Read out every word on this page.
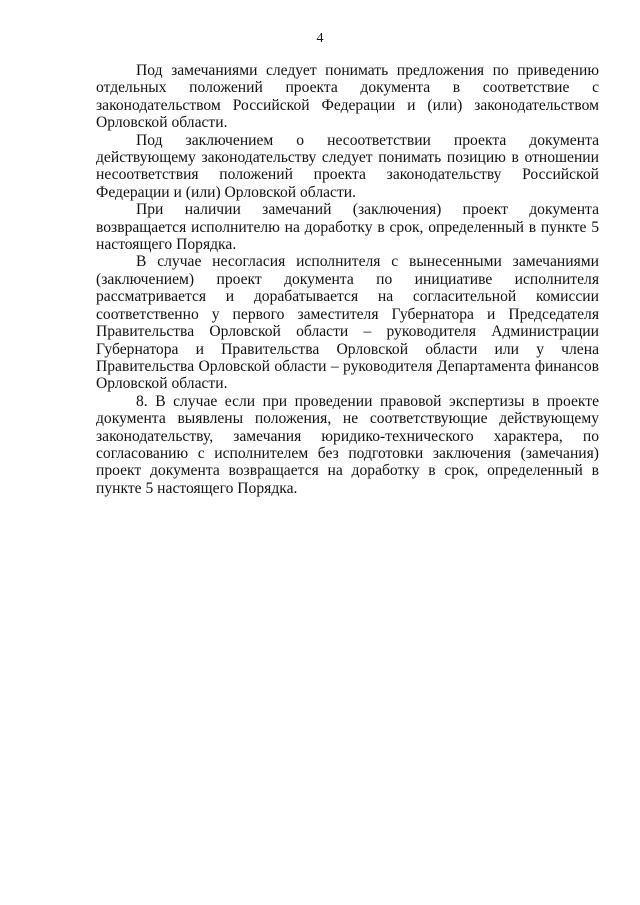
4

Под замечаниями следует понимать предложения по приведению отдельных положений проекта документа в соответствие с законодательством Российской Федерации и (или) законодательством Орловской области.

Под заключением о несоответствии проекта документа действующему законодательству следует понимать позицию в отношении несоответствия положений проекта законодательству Российской Федерации и (или) Орловской области.

При наличии замечаний (заключения) проект документа возвращается исполнителю на доработку в срок, определенный в пункте 5 настоящего Порядка.

В случае несогласия исполнителя с вынесенными замечаниями (заключением) проект документа по инициативе исполнителя рассматривается и дорабатывается на согласительной комиссии соответственно у первого заместителя Губернатора и Председателя Правительства Орловской области – руководителя Администрации Губернатора и Правительства Орловской области или у члена Правительства Орловской области – руководителя Департамента финансов Орловской области.

8. В случае если при проведении правовой экспертизы в проекте документа выявлены положения, не соответствующие действующему законодательству, замечания юридико-технического характера, по согласованию с исполнителем без подготовки заключения (замечания) проект документа возвращается на доработку в срок, определенный в пункте 5 настоящего Порядка.
